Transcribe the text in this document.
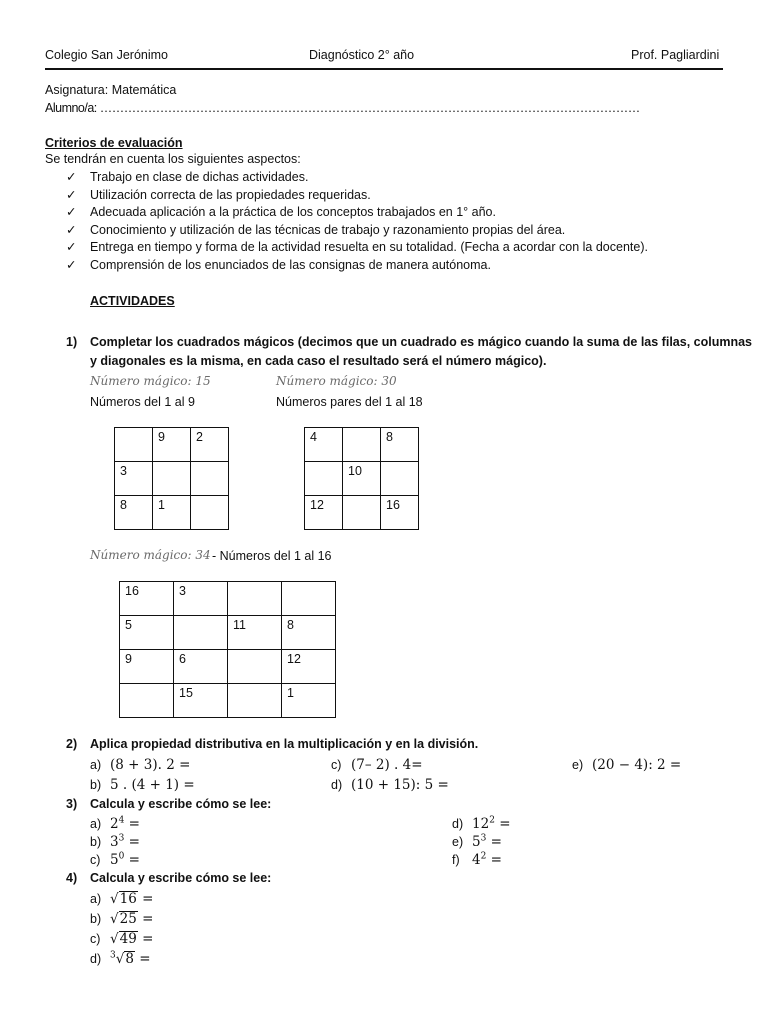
Colegio San Jerónimo	Diagnóstico 2° año	Prof. Pagliardini
Asignatura: Matemática
Alumno/a: ………………………………………………………………………………………………………………………
Criterios de evaluación
Se tendrán en cuenta los siguientes aspectos:
✓ Trabajo en clase de dichas actividades.
✓ Utilización correcta de las propiedades requeridas.
✓ Adecuada aplicación a la práctica de los conceptos trabajados en 1° año.
✓ Conocimiento y utilización de las técnicas de trabajo y razonamiento propias del área.
✓ Entrega en tiempo y forma de la actividad resuelta en su totalidad. (Fecha a acordar con la docente).
✓ Comprensión de los enunciados de las consignas de manera autónoma.
ACTIVIDADES
1) Completar los cuadrados mágicos (decimos que un cuadrado es mágico cuando la suma de las filas, columnas
y diagonales es la misma, en cada caso el resultado será el número mágico).
Número mágico: 15
Números del 1 al 9
Número mágico: 30
Números pares del 1 al 18
	9	2
3		
8	1	
4		8
	10	
12		16
Número mágico: 34 - Números del 1 al 16
16	3		
5		11	8
9	6		12
	15		1
2) Aplica propiedad distributiva en la multiplicación y en la división.
a) (8 + 3). 2 =
b) 5 . (4 + 1) =
c) (7– 2) . 4=
d) (10 + 15): 5 =
e) (20 − 4): 2 =
3) Calcula y escribe cómo se lee:
a) $2^4$ =
b) $3^3$ =
c) $5^0$ =
d) $12^2$ =
e) $5^3$ =
f) $4^2$ =
4) Calcula y escribe cómo se lee:
a) √16 =
b) √25 =
c) √49 =
d) $^3$√8 =
